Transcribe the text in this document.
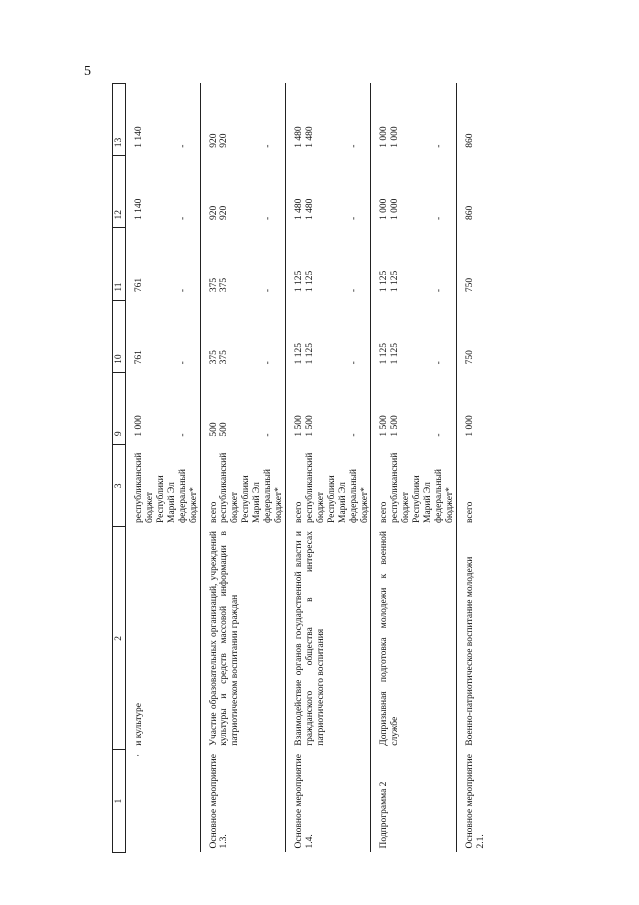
5
1	2	3	9	10	11	12	13
·	и культуре	республиканский бюджет Республики Марий Эл	1 000	761	761	1 140	1 140
		федеральный бюджет*	-	-	-	-	-
Основное мероприятие 1.3.	Участие образовательных организаций, учреждений культуры и средств массовой информации в патриотическом воспитании граждан	всего	500	375	375	920	920
		республиканский бюджет Республики Марий Эл	500	375	375	920	920
		федеральный бюджет*	-	-	-	-	-
Основное мероприятие 1.4.	Взаимодействие органов государственной власти и гражданского общества в интересах патриотического воспитания	всего	1 500	1 125	1 125	1 480	1 480
		республиканский бюджет Республики Марий Эл	1 500	1 125	1 125	1 480	1 480
		федеральный бюджет*	-	-	-	-	-
Подпрограмма 2	Допризывная подготовка молодежи к военной службе	всего	1 500	1 125	1 125	1 000	1 000
		республиканский бюджет Республики Марий Эл	1 500	1 125	1 125	1 000	1 000
		федеральный бюджет*	-	-	-	-	-
Основное мероприятие 2.1.	Военно-патриотическое воспитание молодежи	всего	1 000	750	750	860	860
